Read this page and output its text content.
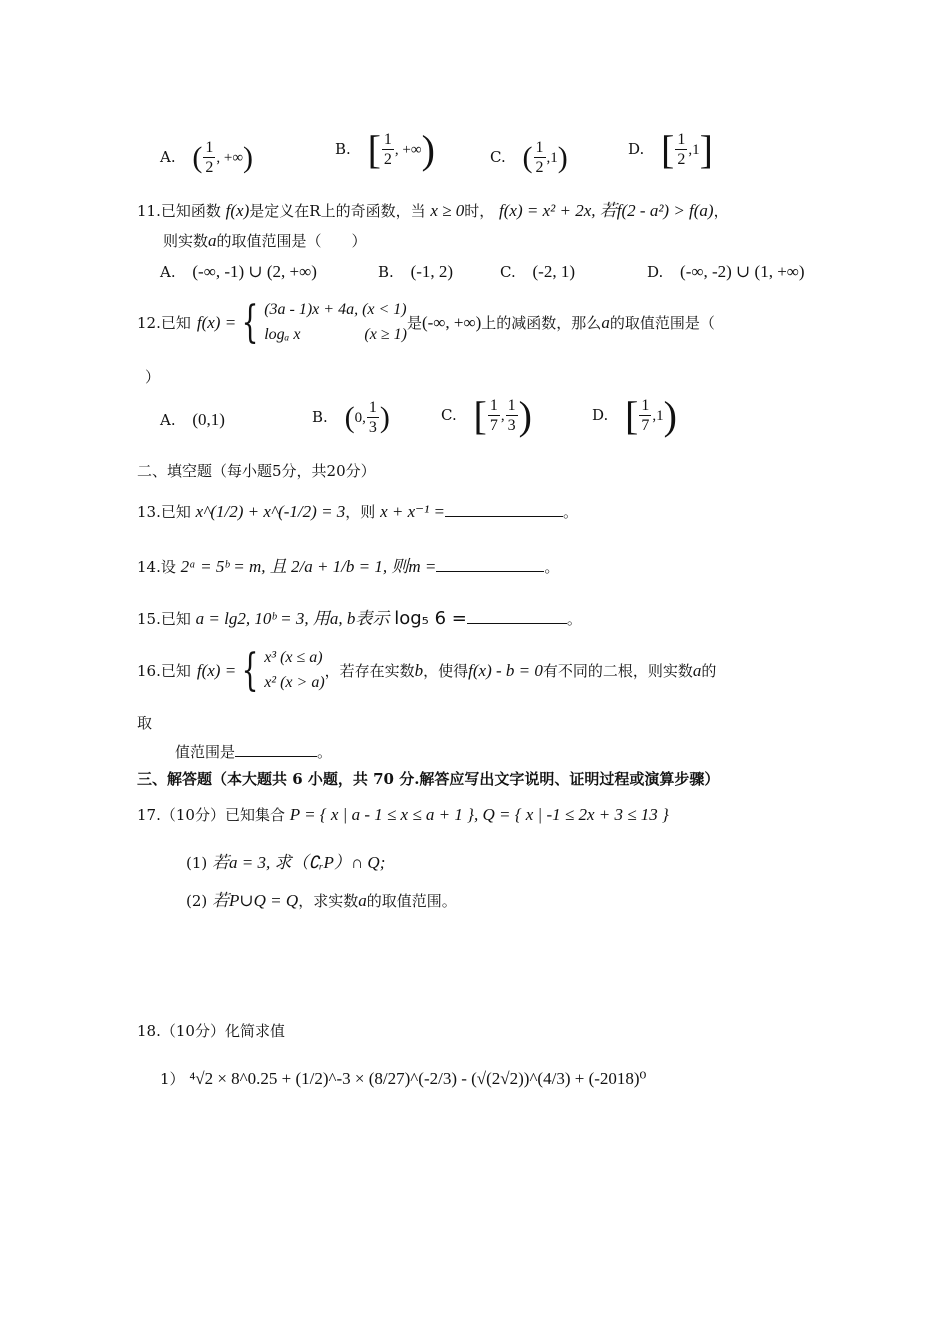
A. ( $\frac{1}{2}$ , +∞ )	B. [ $\frac{1}{2}$ , +∞ )	C. ( $\frac{1}{2} ,1$ )	D. [ $\frac{1}{2} ,1$ ]
11.已知函数 f(x)是定义在R上的奇函数，当 x ≥ 0时， f(x) = x² + 2x, 若f(2 - a²) > f(a)，
则实数a的取值范围是（　　）
A. (-∞, -1) ∪ (2, +∞)	B. (-1, 2)	C. (-2, 1)	D. (-∞, -2) ∪ (1, +∞)
12. 已知 f(x) = { (3a - 1)x + 4a, (x < 1)
logₐ x　　　　(x ≥ 1)
是 (-∞, +∞) 上的减函数，那么 a 的取值范围是（
）
A. (0,1)	B. ( 0, $\frac{1}{3}$ )	C. [ $\frac{1}{7}$ , $\frac{1}{3}$ )	D. [ $\frac{1}{7} ,1$ )
二、填空题（每小题5分，共20分）
13.已知 x^(1/2) + x^(-1/2) = 3，则 x + x⁻¹ =	。
14.设 2ᵃ = 5ᵇ = m, 且 2/a + 1/b = 1, 则m =	。
15.已知 a = lg2, 10ᵇ = 3, 用a, b表示 log₅ 6 =	。
16. 已知 f(x) = { x³ (x ≤ a)
x² (x > a)
，若存在实数 b ，使得 f(x) - b = 0 有不同的二根，则实数 a 的
取
值范围是	。
三、解答题（本大题共 6 小题，共 70 分.解答应写出文字说明、证明过程或演算步骤）
17.（10分）已知集合 P = { x | a - 1 ≤ x ≤ a + 1 }, Q = { x | -1 ≤ 2x + 3 ≤ 13 }
(1) 若a = 3, 求（∁ᵣP）∩ Q;
(2) 若P∪Q = Q，求实数a的取值范围。
18.（10分）化简求值
1） ⁴√2 × 8^0.25 + (1/2)^-3 × (8/27)^(-2/3) - (√(2√2))^(4/3) + (-2018)⁰
